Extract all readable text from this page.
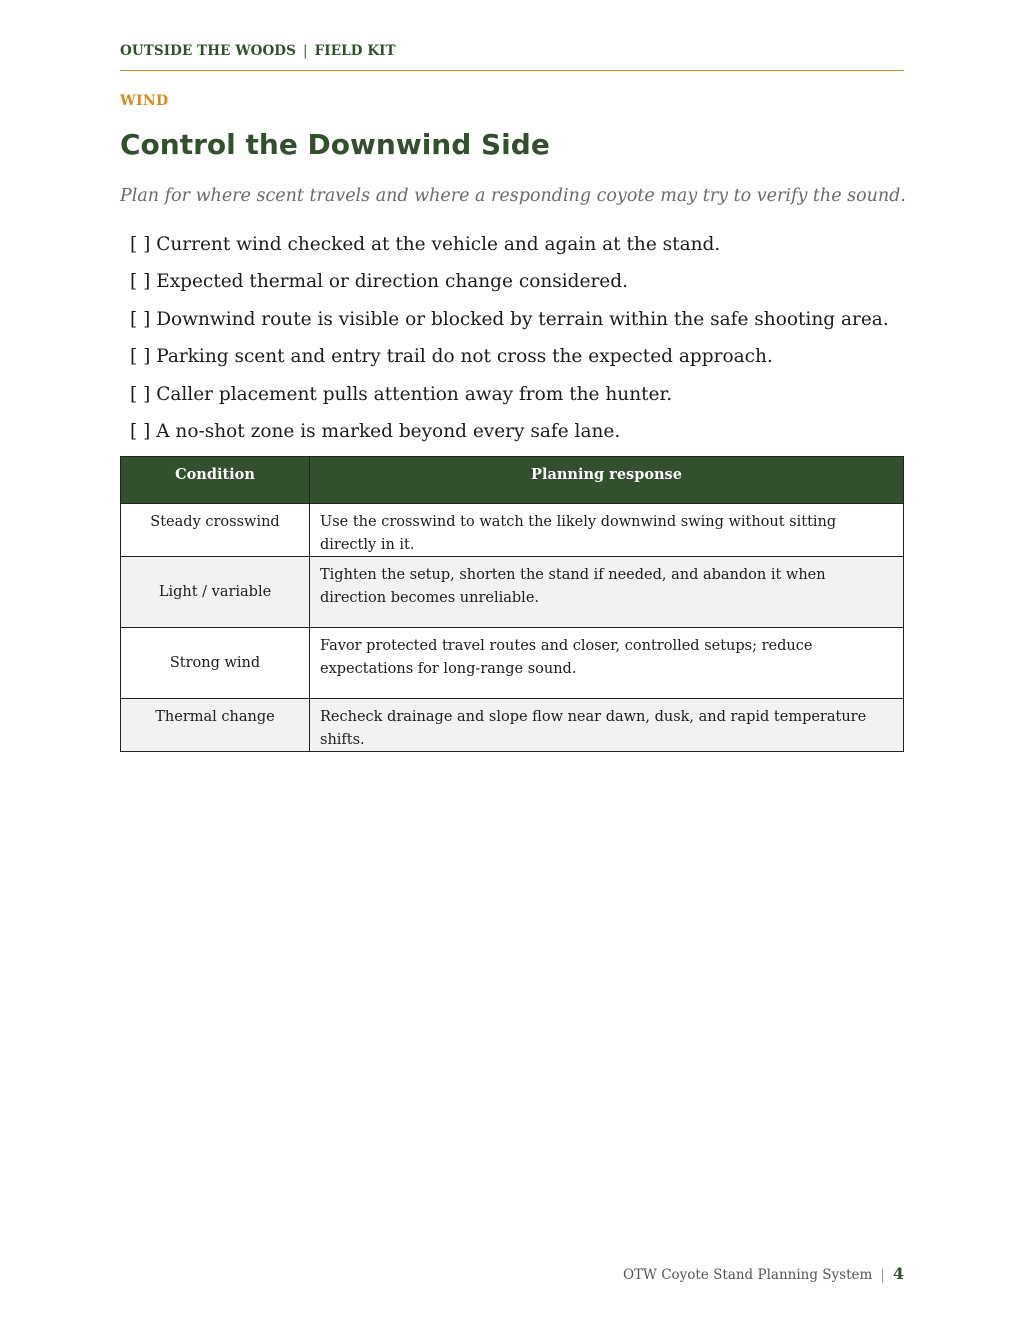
OUTSIDE THE WOODS | FIELD KIT
WIND
Control the Downwind Side
Plan for where scent travels and where a responding coyote may try to verify the sound.
[ ] Current wind checked at the vehicle and again at the stand.
[ ] Expected thermal or direction change considered.
[ ] Downwind route is visible or blocked by terrain within the safe shooting area.
[ ] Parking scent and entry trail do not cross the expected approach.
[ ] Caller placement pulls attention away from the hunter.
[ ] A no-shot zone is marked beyond every safe lane.
Condition	Planning response
Steady crosswind	Use the crosswind to watch the likely downwind swing without sitting directly in it.
Light / variable	Tighten the setup, shorten the stand if needed, and abandon it when direction becomes unreliable.
Strong wind	Favor protected travel routes and closer, controlled setups; reduce expectations for long-range sound.
Thermal change	Recheck drainage and slope flow near dawn, dusk, and rapid temperature shifts.
OTW Coyote Stand Planning System | 4
